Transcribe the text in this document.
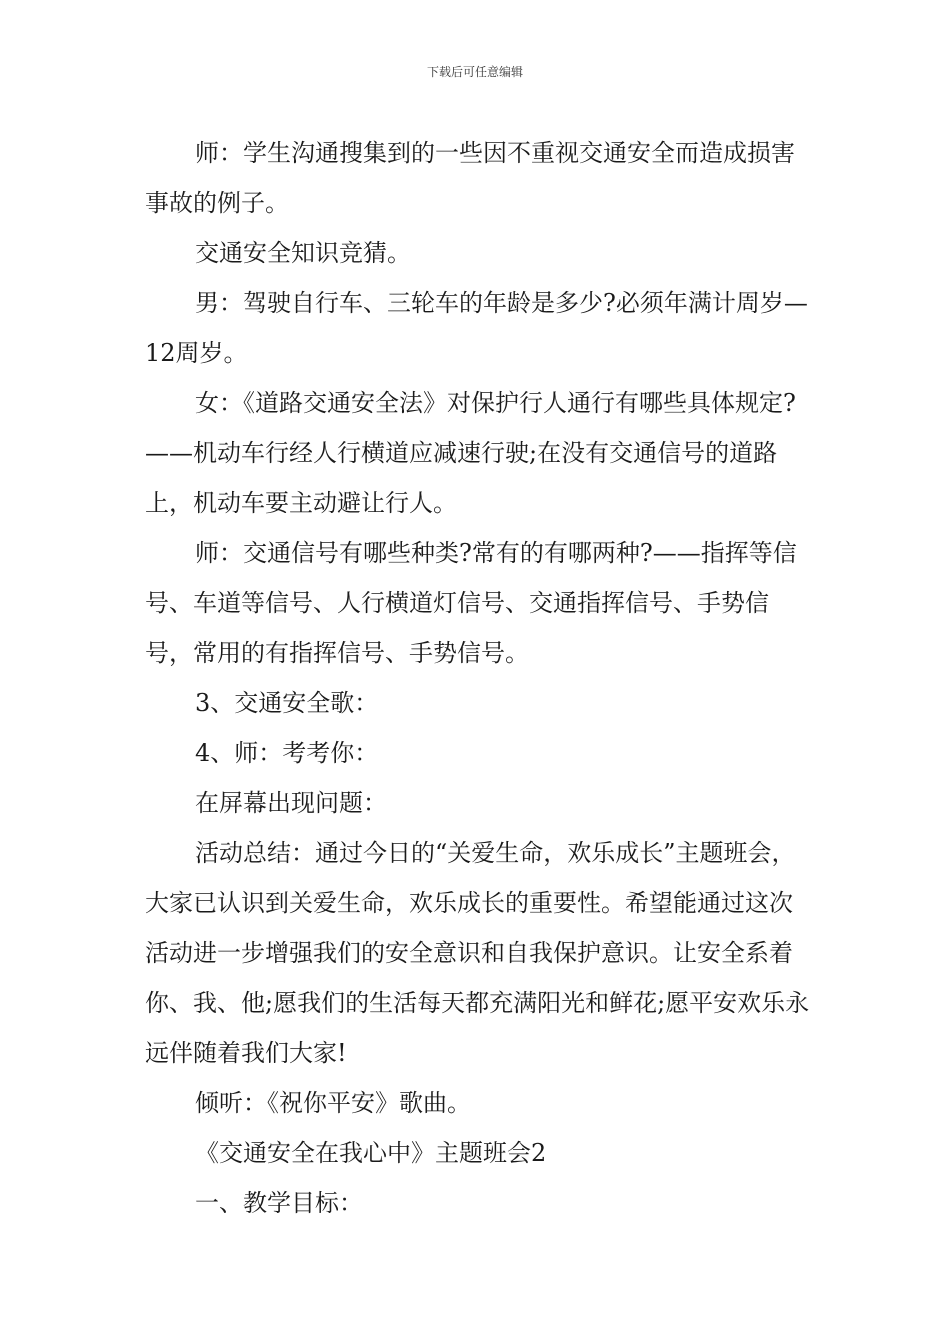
下载后可任意编辑

师：学生沟通搜集到的一些因不重视交通安全而造成损害事故的例子。

交通安全知识竞猜。

男：驾驶自行车、三轮车的年龄是多少?必须年满计周岁—12周岁。

女：《道路交通安全法》对保护行人通行有哪些具体规定?——机动车行经人行横道应减速行驶;在没有交通信号的道路上，机动车要主动避让行人。

师：交通信号有哪些种类?常有的有哪两种?——指挥等信号、车道等信号、人行横道灯信号、交通指挥信号、手势信号，常用的有指挥信号、手势信号。

3、交通安全歌：

4、师：考考你：

在屏幕出现问题：

活动总结：通过今日的“关爱生命，欢乐成长”主题班会，大家已认识到关爱生命，欢乐成长的重要性。希望能通过这次活动进一步增强我们的安全意识和自我保护意识。让安全系着你、我、他;愿我们的生活每天都充满阳光和鲜花;愿平安欢乐永远伴随着我们大家!

倾听：《祝你平安》歌曲。

《交通安全在我心中》主题班会2

一、教学目标：
